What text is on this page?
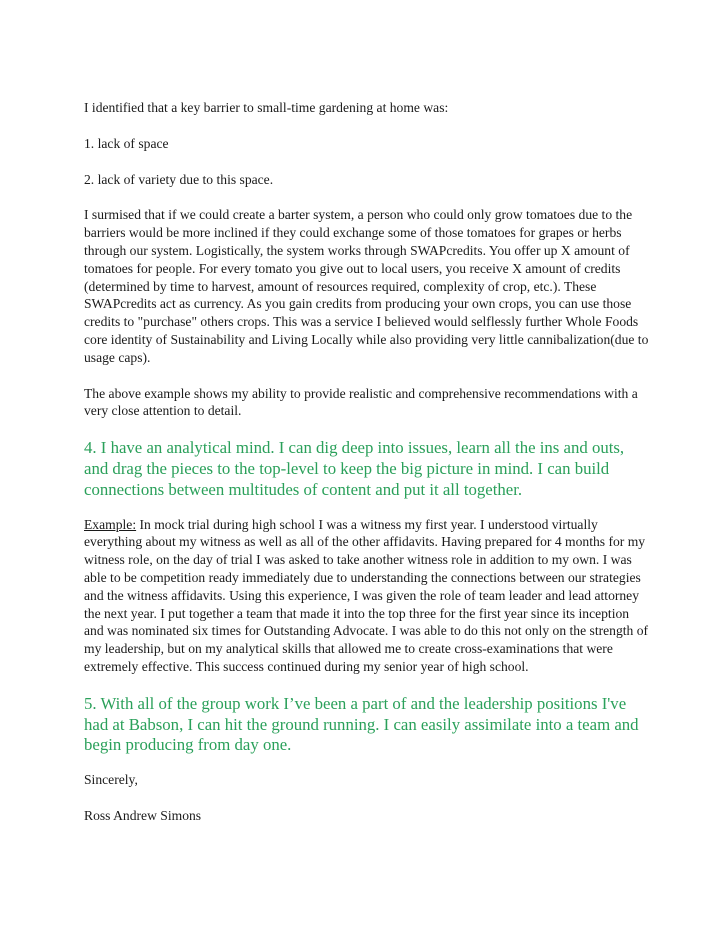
I identified that a key barrier to small-time gardening at home was:

1. lack of space

2. lack of variety due to this space.

I surmised that if we could create a barter system, a person who could only grow tomatoes due to the barriers would be more inclined if they could exchange some of those tomatoes for grapes or herbs through our system. Logistically, the system works through SWAPcredits. You offer up X amount of tomatoes for people. For every tomato you give out to local users, you receive X amount of credits (determined by time to harvest, amount of resources required, complexity of crop, etc.). These SWAPcredits act as currency. As you gain credits from producing your own crops, you can use those credits to "purchase" others crops. This was a service I believed would selflessly further Whole Foods core identity of Sustainability and Living Locally while also providing very little cannibalization(due to usage caps).

The above example shows my ability to provide realistic and comprehensive recommendations with a very close attention to detail.

4. I have an analytical mind. I can dig deep into issues, learn all the ins and outs, and drag the pieces to the top-level to keep the big picture in mind. I can build connections between multitudes of content and put it all together.

Example: In mock trial during high school I was a witness my first year. I understood virtually everything about my witness as well as all of the other affidavits. Having prepared for 4 months for my witness role, on the day of trial I was asked to take another witness role in addition to my own. I was able to be competition ready immediately due to understanding the connections between our strategies and the witness affidavits. Using this experience, I was given the role of team leader and lead attorney the next year. I put together a team that made it into the top three for the first year since its inception and was nominated six times for Outstanding Advocate. I was able to do this not only on the strength of my leadership, but on my analytical skills that allowed me to create cross-examinations that were extremely effective. This success continued during my senior year of high school.

5. With all of the group work I’ve been a part of and the leadership positions I've had at Babson, I can hit the ground running. I can easily assimilate into a team and begin producing from day one.

Sincerely,

Ross Andrew Simons
